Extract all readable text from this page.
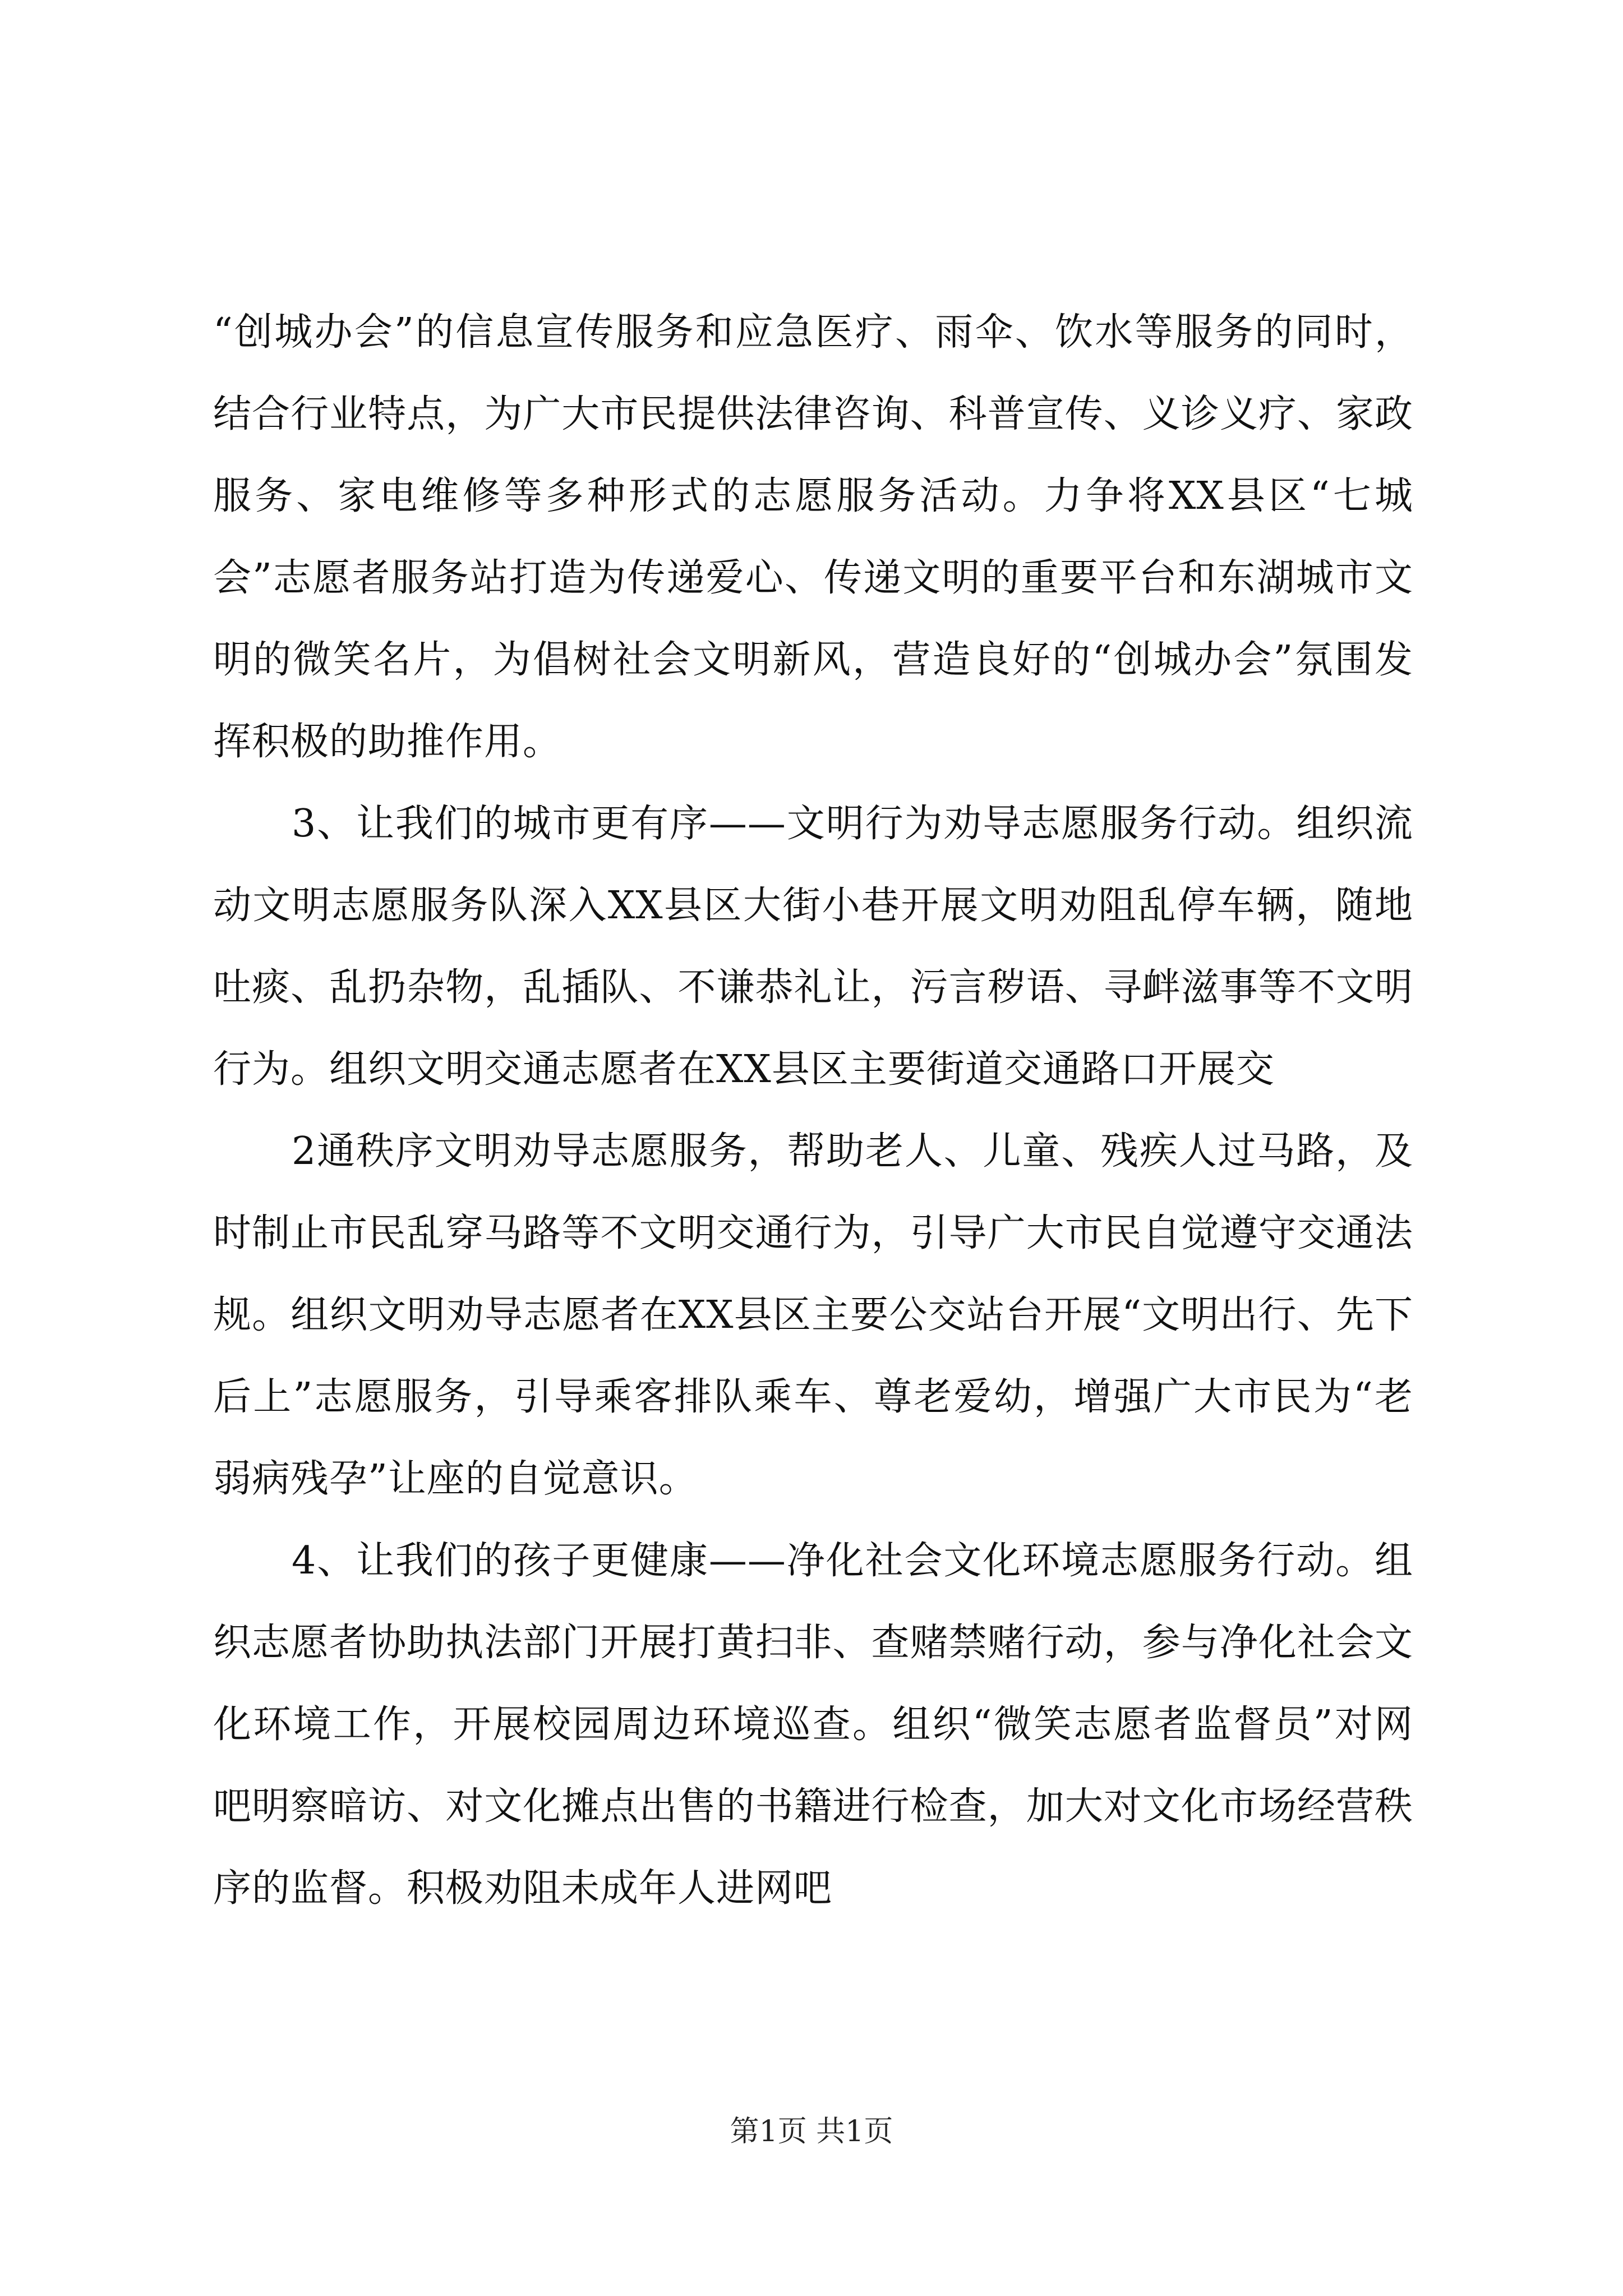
“创城办会”的信息宣传服务和应急医疗、雨伞、饮水等服务的同时，结合行业特点，为广大市民提供法律咨询、科普宣传、义诊义疗、家政服务、家电维修等多种形式的志愿服务活动。力争将XX县区“七城会”志愿者服务站打造为传递爱心、传递文明的重要平台和东湖城市文明的微笑名片，为倡树社会文明新风，营造良好的“创城办会”氛围发挥积极的助推作用。

3、让我们的城市更有序——文明行为劝导志愿服务行动。组织流动文明志愿服务队深入XX县区大街小巷开展文明劝阻乱停车辆，随地吐痰、乱扔杂物，乱插队、不谦恭礼让，污言秽语、寻衅滋事等不文明行为。组织文明交通志愿者在XX县区主要街道交通路口开展交

2通秩序文明劝导志愿服务，帮助老人、儿童、残疾人过马路，及时制止市民乱穿马路等不文明交通行为，引导广大市民自觉遵守交通法规。组织文明劝导志愿者在XX县区主要公交站台开展“文明出行、先下后上”志愿服务，引导乘客排队乘车、尊老爱幼，增强广大市民为“老弱病残孕”让座的自觉意识。

4、让我们的孩子更健康——净化社会文化环境志愿服务行动。组织志愿者协助执法部门开展打黄扫非、查赌禁赌行动，参与净化社会文化环境工作，开展校园周边环境巡查。组织“微笑志愿者监督员”对网吧明察暗访、对文化摊点出售的书籍进行检查，加大对文化市场经营秩序的监督。积极劝阻未成年人进网吧

第1页 共1页
